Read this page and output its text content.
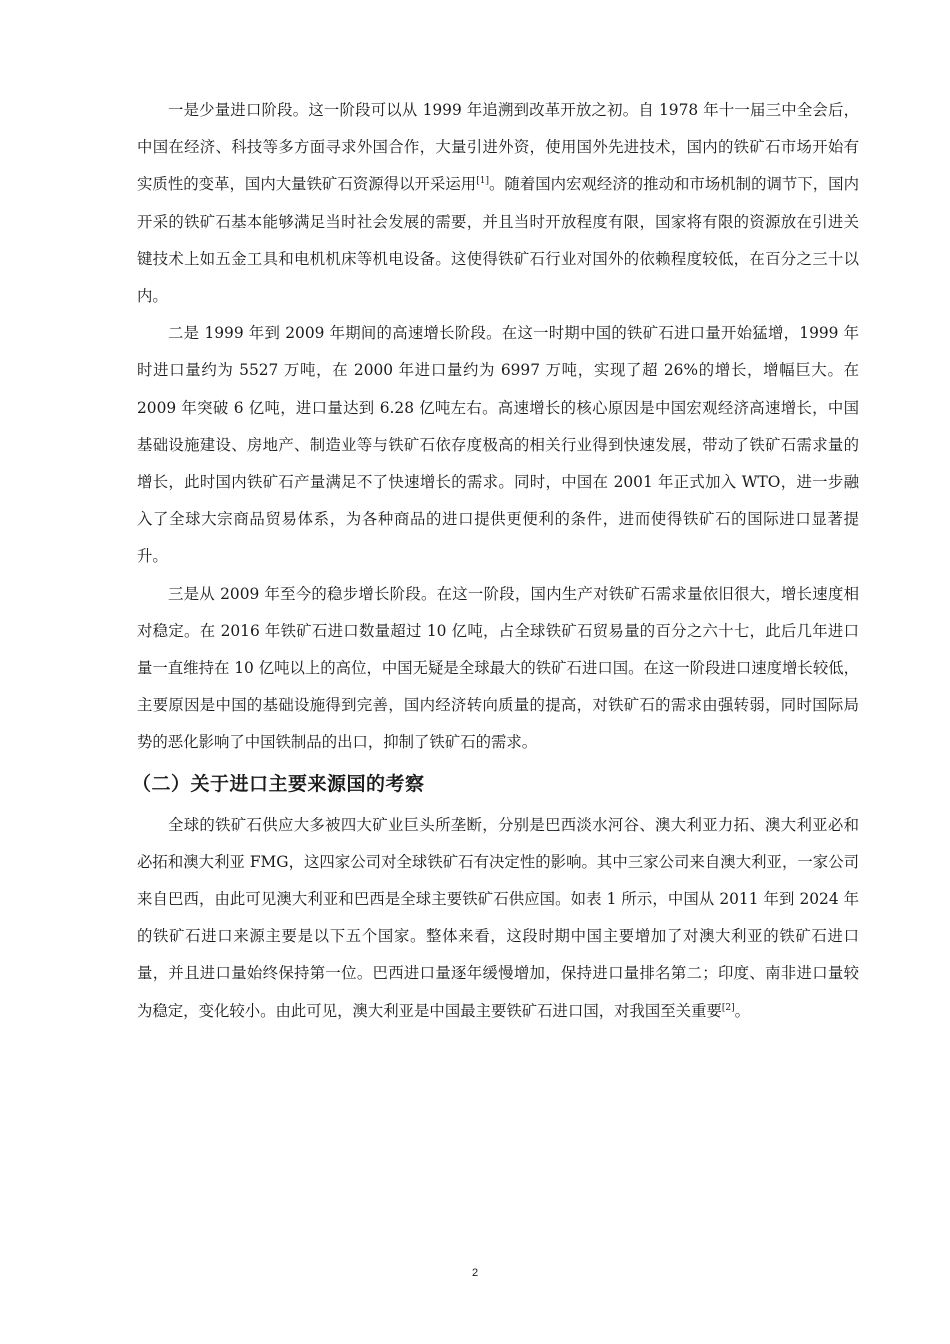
一是少量进口阶段。这一阶段可以从 1999 年追溯到改革开放之初。自 1978 年十一届三中全会后，中国在经济、科技等多方面寻求外国合作，大量引进外资，使用国外先进技术，国内的铁矿石市场开始有实质性的变革，国内大量铁矿石资源得以开采运用[1]。随着国内宏观经济的推动和市场机制的调节下，国内开采的铁矿石基本能够满足当时社会发展的需要，并且当时开放程度有限，国家将有限的资源放在引进关键技术上如五金工具和电机机床等机电设备。这使得铁矿石行业对国外的依赖程度较低，在百分之三十以内。

二是 1999 年到 2009 年期间的高速增长阶段。在这一时期中国的铁矿石进口量开始猛增，1999 年时进口量约为 5527 万吨，在 2000 年进口量约为 6997 万吨，实现了超 26%的增长，增幅巨大。在 2009 年突破 6 亿吨，进口量达到 6.28 亿吨左右。高速增长的核心原因是中国宏观经济高速增长，中国基础设施建设、房地产、制造业等与铁矿石依存度极高的相关行业得到快速发展，带动了铁矿石需求量的增长，此时国内铁矿石产量满足不了快速增长的需求。同时，中国在 2001 年正式加入 WTO，进一步融入了全球大宗商品贸易体系，为各种商品的进口提供更便利的条件，进而使得铁矿石的国际进口显著提升。

三是从 2009 年至今的稳步增长阶段。在这一阶段，国内生产对铁矿石需求量依旧很大，增长速度相对稳定。在 2016 年铁矿石进口数量超过 10 亿吨，占全球铁矿石贸易量的百分之六十七，此后几年进口量一直维持在 10 亿吨以上的高位，中国无疑是全球最大的铁矿石进口国。在这一阶段进口速度增长较低，主要原因是中国的基础设施得到完善，国内经济转向质量的提高，对铁矿石的需求由强转弱，同时国际局势的恶化影响了中国铁制品的出口，抑制了铁矿石的需求。

（二）关于进口主要来源国的考察

全球的铁矿石供应大多被四大矿业巨头所垄断，分别是巴西淡水河谷、澳大利亚力拓、澳大利亚必和必拓和澳大利亚 FMG，这四家公司对全球铁矿石有决定性的影响。其中三家公司来自澳大利亚，一家公司来自巴西，由此可见澳大利亚和巴西是全球主要铁矿石供应国。如表 1 所示，中国从 2011 年到 2024 年的铁矿石进口来源主要是以下五个国家。整体来看，这段时期中国主要增加了对澳大利亚的铁矿石进口量，并且进口量始终保持第一位。巴西进口量逐年缓慢增加，保持进口量排名第二；印度、南非进口量较为稳定，变化较小。由此可见，澳大利亚是中国最主要铁矿石进口国，对我国至关重要[2]。

2
